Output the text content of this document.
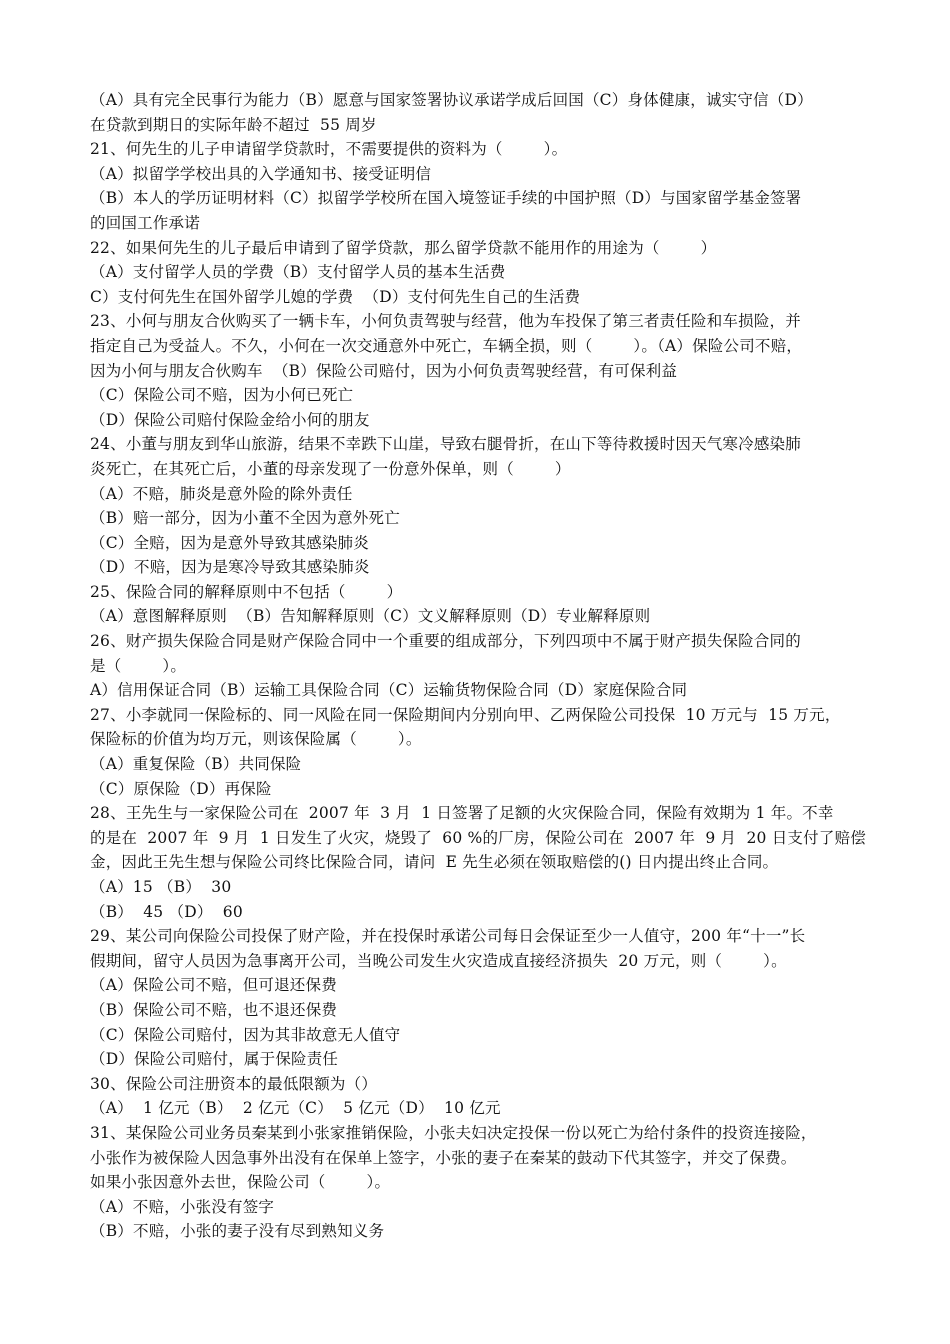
（A）具有完全民事行为能力（B）愿意与国家签署协议承诺学成后回国（C）身体健康，诚实守信（D）
在贷款到期日的实际年龄不超过  55 周岁
21、何先生的儿子申请留学贷款时，不需要提供的资料为（        ）。
（A）拟留学学校出具的入学通知书、接受证明信
（B）本人的学历证明材料（C）拟留学学校所在国入境签证手续的中国护照（D）与国家留学基金签署
的回国工作承诺
22、如果何先生的儿子最后申请到了留学贷款，那么留学贷款不能用作的用途为（        ）
（A）支付留学人员的学费（B）支付留学人员的基本生活费
C）支付何先生在国外留学儿媳的学费  （D）支付何先生自己的生活费
23、小何与朋友合伙购买了一辆卡车，小何负责驾驶与经营，他为车投保了第三者责任险和车损险，并
指定自己为受益人。不久，小何在一次交通意外中死亡，车辆全损，则（        ）。（A）保险公司不赔，
因为小何与朋友合伙购车  （B）保险公司赔付，因为小何负责驾驶经营，有可保利益
（C）保险公司不赔，因为小何已死亡
（D）保险公司赔付保险金给小何的朋友
24、小董与朋友到华山旅游，结果不幸跌下山崖，导致右腿骨折，在山下等待救援时因天气寒冷感染肺
炎死亡，在其死亡后，小董的母亲发现了一份意外保单，则（        ）
（A）不赔，肺炎是意外险的除外责任
（B）赔一部分，因为小董不全因为意外死亡
（C）全赔，因为是意外导致其感染肺炎
（D）不赔，因为是寒冷导致其感染肺炎
25、保险合同的解释原则中不包括（        ）
（A）意图解释原则  （B）告知解释原则（C）文义解释原则（D）专业解释原则
26、财产损失保险合同是财产保险合同中一个重要的组成部分，下列四项中不属于财产损失保险合同的
是（        ）。
A）信用保证合同（B）运输工具保险合同（C）运输货物保险合同（D）家庭保险合同
27、小李就同一保险标的、同一风险在同一保险期间内分别向甲、乙两保险公司投保  10 万元与  15 万元，
保险标的价值为均万元，则该保险属（        ）。
（A）重复保险（B）共同保险
（C）原保险（D）再保险
28、王先生与一家保险公司在  2007 年  3 月  1 日签署了足额的火灾保险合同，保险有效期为 1 年。不幸
的是在  2007 年  9 月  1 日发生了火灾，烧毁了  60 %的厂房，保险公司在  2007 年  9 月  20 日支付了赔偿
金，因此王先生想与保险公司终比保险合同，请问  E 先生必须在领取赔偿的() 日内提出终止合同。
（A）15 （B）  30
（B）  45 （D）  60
29、某公司向保险公司投保了财产险，并在投保时承诺公司每日会保证至少一人值守，200 年“十一”长
假期间，留守人员因为急事离开公司，当晚公司发生火灾造成直接经济损失  20 万元，则（        ）。
（A）保险公司不赔，但可退还保费
（B）保险公司不赔，也不退还保费
（C）保险公司赔付，因为其非故意无人值守
（D）保险公司赔付，属于保险责任
30、保险公司注册资本的最低限额为（）
（A）  1 亿元（B）  2 亿元（C）  5 亿元（D）  10 亿元
31、某保险公司业务员秦某到小张家推销保险，小张夫妇决定投保一份以死亡为给付条件的投资连接险，
小张作为被保险人因急事外出没有在保单上签字，小张的妻子在秦某的鼓动下代其签字，并交了保费。
如果小张因意外去世，保险公司（        ）。
（A）不赔，小张没有签字
（B）不赔，小张的妻子没有尽到熟知义务
